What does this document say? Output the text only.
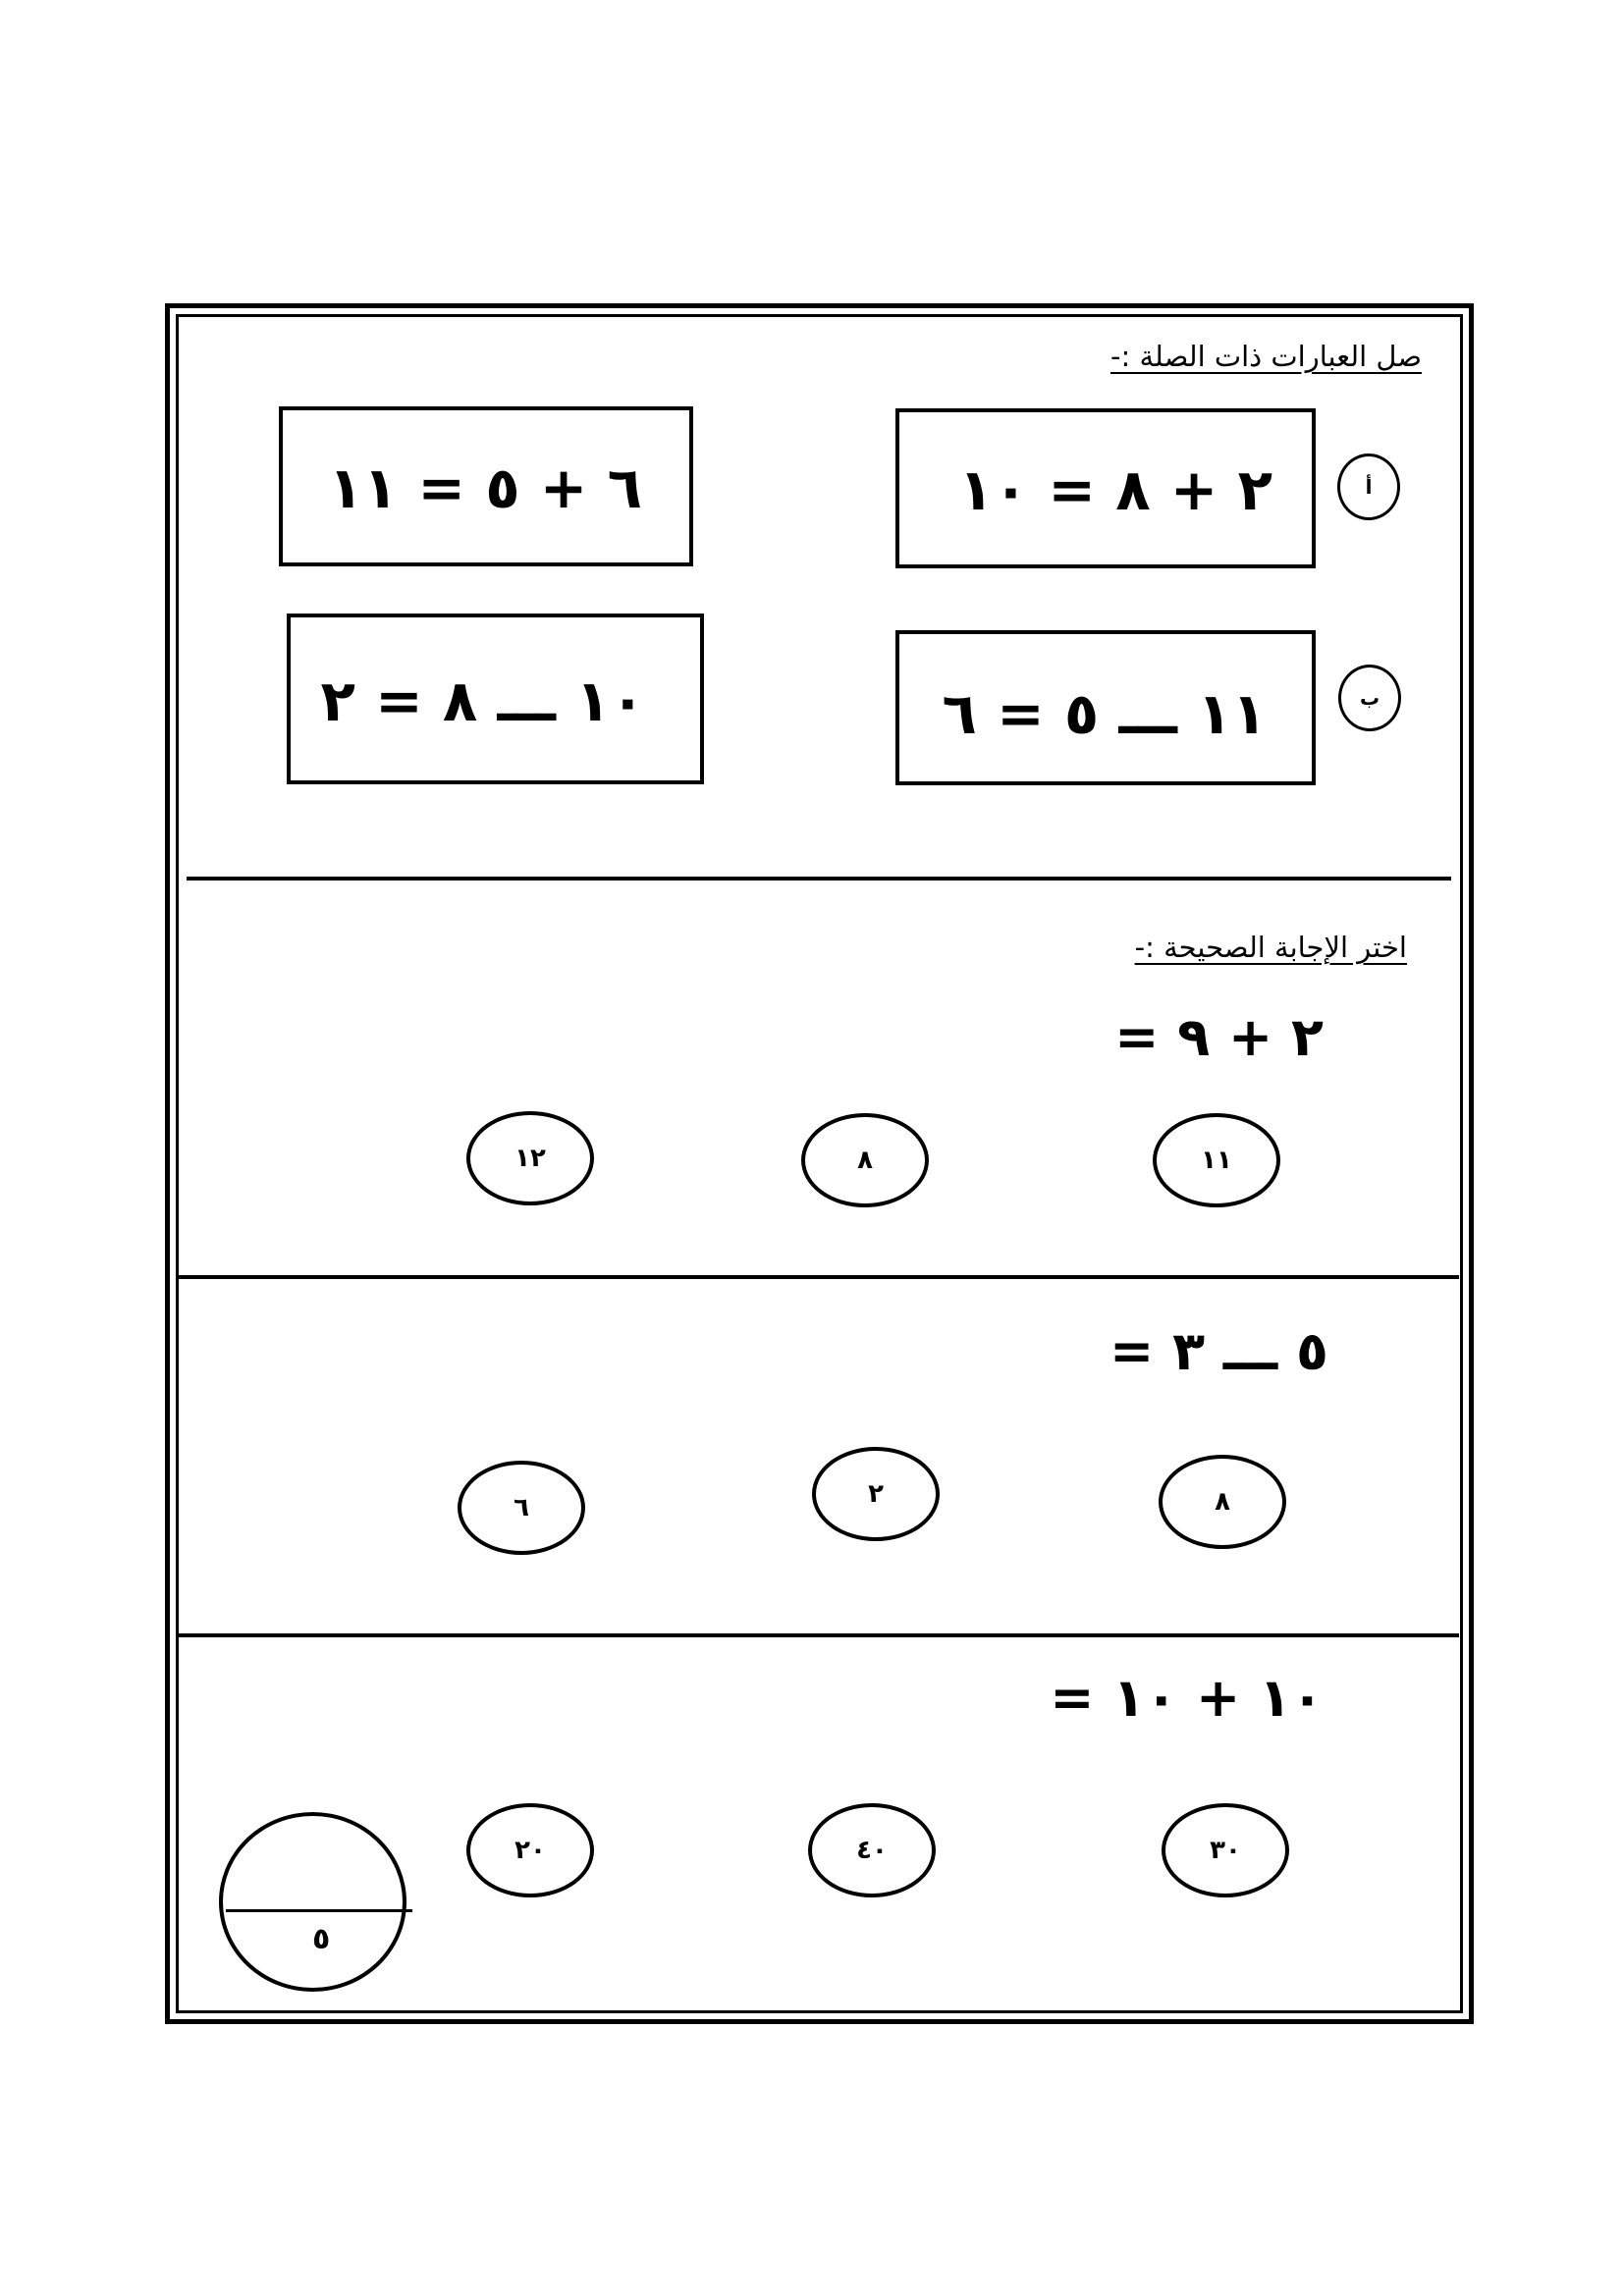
صل العبارات ذات الصلة :-
٢ + ٨ = ١٠	أ
٦ + ٥ = ١١
١١ ـــ ٥ = ٦	ب
١٠ ـــ ٨ = ٢
اختر الإجابة الصحيحة :-
٢ + ٩ =
١١
٨
١٢
٥ ـــ ٣ =
٨
٢
٦
١٠ + ١٠ =
٣٠
٤٠
٢٠
٥
